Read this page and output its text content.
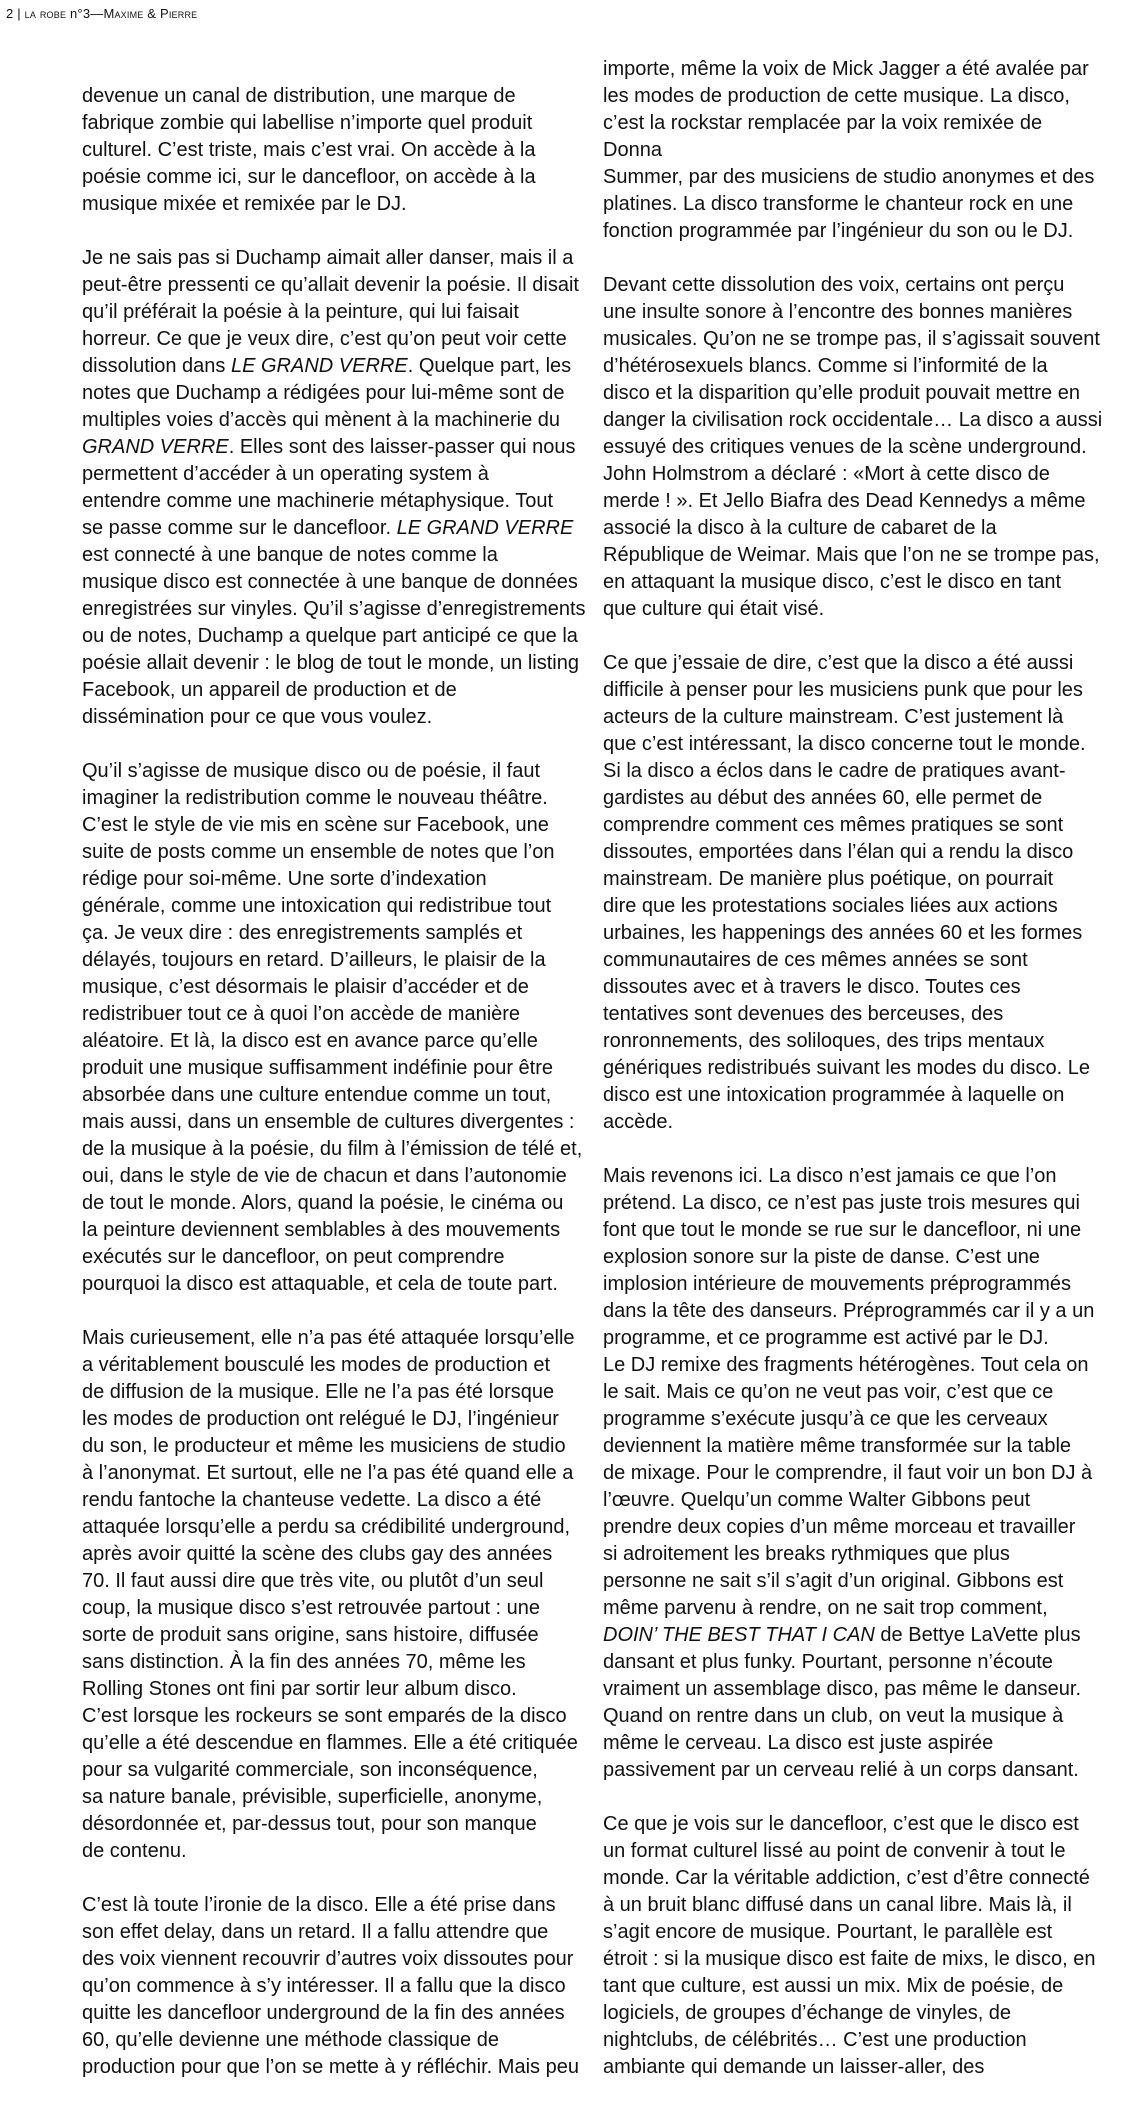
2 | la robe n°3—Maxime & Pierre

devenue un canal de distribution, une marque de
fabrique zombie qui labellise n’importe quel produit
culturel. C’est triste, mais c’est vrai. On accède à la
poésie comme ici, sur le dancefloor, on accède à la
musique mixée et remixée par le DJ.

Je ne sais pas si Duchamp aimait aller danser, mais il a
peut-être pressenti ce qu’allait devenir la poésie. Il disait
qu’il préférait la poésie à la peinture, qui lui faisait
horreur. Ce que je veux dire, c’est qu’on peut voir cette
dissolution dans LE GRAND VERRE. Quelque part, les
notes que Duchamp a rédigées pour lui-même sont de
multiples voies d’accès qui mènent à la machinerie du
GRAND VERRE. Elles sont des laisser-passer qui nous
permettent d’accéder à un operating system à
entendre comme une machinerie métaphysique. Tout
se passe comme sur le dancefloor. LE GRAND VERRE
est connecté à une banque de notes comme la
musique disco est connectée à une banque de données
enregistrées sur vinyles. Qu’il s’agisse d’enregistrements
ou de notes, Duchamp a quelque part anticipé ce que la
poésie allait devenir : le blog de tout le monde, un listing
Facebook, un appareil de production et de
dissémination pour ce que vous voulez.

Qu’il s’agisse de musique disco ou de poésie, il faut
imaginer la redistribution comme le nouveau théâtre.
C’est le style de vie mis en scène sur Facebook, une
suite de posts comme un ensemble de notes que l’on
rédige pour soi-même. Une sorte d’indexation
générale, comme une intoxication qui redistribue tout
ça. Je veux dire : des enregistrements samplés et
délayés, toujours en retard. D’ailleurs, le plaisir de la
musique, c’est désormais le plaisir d’accéder et de
redistribuer tout ce à quoi l’on accède de manière
aléatoire. Et là, la disco est en avance parce qu’elle
produit une musique suffisamment indéfinie pour être
absorbée dans une culture entendue comme un tout,
mais aussi, dans un ensemble de cultures divergentes :
de la musique à la poésie, du film à l’émission de télé et,
oui, dans le style de vie de chacun et dans l’autonomie
de tout le monde. Alors, quand la poésie, le cinéma ou
la peinture deviennent semblables à des mouvements
exécutés sur le dancefloor, on peut comprendre
pourquoi la disco est attaquable, et cela de toute part.

Mais curieusement, elle n’a pas été attaquée lorsqu’elle
a véritablement bousculé les modes de production et
de diffusion de la musique. Elle ne l’a pas été lorsque
les modes de production ont relégué le DJ, l’ingénieur
du son, le producteur et même les musiciens de studio
à l’anonymat. Et surtout, elle ne l’a pas été quand elle a
rendu fantoche la chanteuse vedette. La disco a été
attaquée lorsqu’elle a perdu sa crédibilité underground,
après avoir quitté la scène des clubs gay des années
70. Il faut aussi dire que très vite, ou plutôt d’un seul
coup, la musique disco s’est retrouvée partout : une
sorte de produit sans origine, sans histoire, diffusée
sans distinction. À la fin des années 70, même les
Rolling Stones ont fini par sortir leur album disco.
C’est lorsque les rockeurs se sont emparés de la disco
qu’elle a été descendue en flammes. Elle a été critiquée
pour sa vulgarité commerciale, son inconséquence,
sa nature banale, prévisible, superficielle, anonyme,
désordonnée et, par-dessus tout, pour son manque
de contenu.

C’est là toute l’ironie de la disco. Elle a été prise dans
son effet delay, dans un retard. Il a fallu attendre que
des voix viennent recouvrir d’autres voix dissoutes pour
qu’on commence à s’y intéresser. Il a fallu que la disco
quitte les dancefloor underground de la fin des années
60, qu’elle devienne une méthode classique de
production pour que l’on se mette à y réfléchir. Mais peu

importe, même la voix de Mick Jagger a été avalée par
les modes de production de cette musique. La disco,
c’est la rockstar remplacée par la voix remixée de Donna
Summer, par des musiciens de studio anonymes et des
platines. La disco transforme le chanteur rock en une
fonction programmée par l’ingénieur du son ou le DJ.

Devant cette dissolution des voix, certains ont perçu
une insulte sonore à l’encontre des bonnes manières
musicales. Qu’on ne se trompe pas, il s’agissait souvent
d’hétérosexuels blancs. Comme si l’informité de la
disco et la disparition qu’elle produit pouvait mettre en
danger la civilisation rock occidentale… La disco a aussi
essuyé des critiques venues de la scène underground.
John Holmstrom a déclaré : «Mort à cette disco de
merde ! ». Et Jello Biafra des Dead Kennedys a même
associé la disco à la culture de cabaret de la
République de Weimar. Mais que l’on ne se trompe pas,
en attaquant la musique disco, c’est le disco en tant
que culture qui était visé.

Ce que j’essaie de dire, c’est que la disco a été aussi
difficile à penser pour les musiciens punk que pour les
acteurs de la culture mainstream. C’est justement là
que c’est intéressant, la disco concerne tout le monde.
Si la disco a éclos dans le cadre de pratiques avant-
gardistes au début des années 60, elle permet de
comprendre comment ces mêmes pratiques se sont
dissoutes, emportées dans l’élan qui a rendu la disco
mainstream. De manière plus poétique, on pourrait
dire que les protestations sociales liées aux actions
urbaines, les happenings des années 60 et les formes
communautaires de ces mêmes années se sont
dissoutes avec et à travers le disco. Toutes ces
tentatives sont devenues des berceuses, des
ronronnements, des soliloques, des trips mentaux
génériques redistribués suivant les modes du disco. Le
disco est une intoxication programmée à laquelle on
accède.

Mais revenons ici. La disco n’est jamais ce que l’on
prétend. La disco, ce n’est pas juste trois mesures qui
font que tout le monde se rue sur le dancefloor, ni une
explosion sonore sur la piste de danse. C’est une
implosion intérieure de mouvements préprogrammés
dans la tête des danseurs. Préprogrammés car il y a un
programme, et ce programme est activé par le DJ.
Le DJ remixe des fragments hétérogènes. Tout cela on
le sait. Mais ce qu’on ne veut pas voir, c’est que ce
programme s’exécute jusqu’à ce que les cerveaux
deviennent la matière même transformée sur la table
de mixage. Pour le comprendre, il faut voir un bon DJ à
l’œuvre. Quelqu’un comme Walter Gibbons peut
prendre deux copies d’un même morceau et travailler
si adroitement les breaks rythmiques que plus
personne ne sait s’il s’agit d’un original. Gibbons est
même parvenu à rendre, on ne sait trop comment,
DOIN’ THE BEST THAT I CAN de Bettye LaVette plus
dansant et plus funky. Pourtant, personne n’écoute
vraiment un assemblage disco, pas même le danseur.
Quand on rentre dans un club, on veut la musique à
même le cerveau. La disco est juste aspirée
passivement par un cerveau relié à un corps dansant.

Ce que je vois sur le dancefloor, c’est que le disco est
un format culturel lissé au point de convenir à tout le
monde. Car la véritable addiction, c’est d’être connecté
à un bruit blanc diffusé dans un canal libre. Mais là, il
s’agit encore de musique. Pourtant, le parallèle est
étroit : si la musique disco est faite de mixs, le disco, en
tant que culture, est aussi un mix. Mix de poésie, de
logiciels, de groupes d’échange de vinyles, de
nightclubs, de célébrités… C’est une production
ambiante qui demande un laisser-aller, des
